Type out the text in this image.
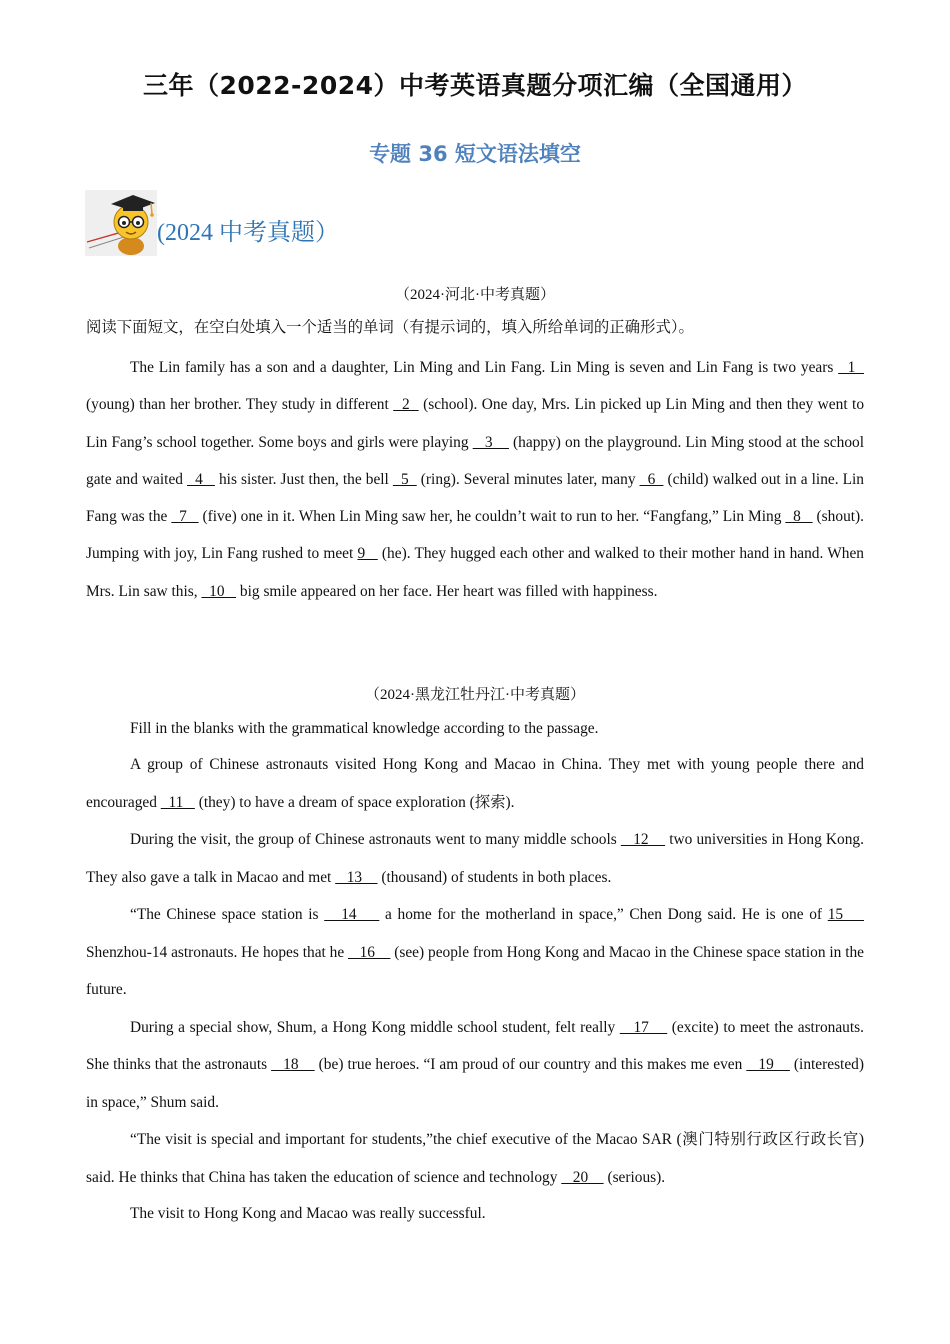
三年（2022-2024）中考英语真题分项汇编（全国通用）
专题 36 短文语法填空
(2024 中考真题）
（2024·河北·中考真题）
阅读下面短文，在空白处填入一个适当的单词（有提示词的，填入所给单词的正确形式）。

The Lin family has a son and a daughter, Lin Ming and Lin Fang. Lin Ming is seven and Lin Fang is two years   1   (young) than her brother. They study in different   2   (school). One day, Mrs. Lin picked up Lin Ming and then they went to Lin Fang’s school together. Some boys and girls were playing    3     (happy) on the playground. Lin Ming stood at the school gate and waited   4    his sister. Just then, the bell   5   (ring). Several minutes later, many   6   (child) walked out in a line. Lin Fang was the   7    (five) one in it. When Lin Ming saw her, he couldn’t wait to run to her. “Fangfang,” Lin Ming   8    (shout). Jumping with joy, Lin Fang rushed to meet 9    (he). They hugged each other and walked to their mother hand in hand. When Mrs. Lin saw this,   10    big smile appeared on her face. Her heart was filled with happiness.

（2024·黑龙江牡丹江·中考真题）

Fill in the blanks with the grammatical knowledge according to the passage.

A group of Chinese astronauts visited Hong Kong and Macao in China. They met with young people there and encouraged   11    (they) to have a dream of space exploration (探索).

During the visit, the group of Chinese astronauts went to many middle schools    12     two universities in Hong Kong. They also gave a talk in Macao and met    13     (thousand) of students in both places.

“The Chinese space station is    14     a home for the motherland in space,” Chen Dong said. He is one of 15     Shenzhou-14 astronauts. He hopes that he    16     (see) people from Hong Kong and Macao in the Chinese space station in the future.

During a special show, Shum, a Hong Kong middle school student, felt really    17     (excite) to meet the astronauts. She thinks that the astronauts    18     (be) true heroes. “I am proud of our country and this makes me even    19     (interested) in space,” Shum said.

“The visit is special and important for students,”the chief executive of the Macao SAR (澳门特别行政区行政长官) said. He thinks that China has taken the education of science and technology    20     (serious).

The visit to Hong Kong and Macao was really successful.
